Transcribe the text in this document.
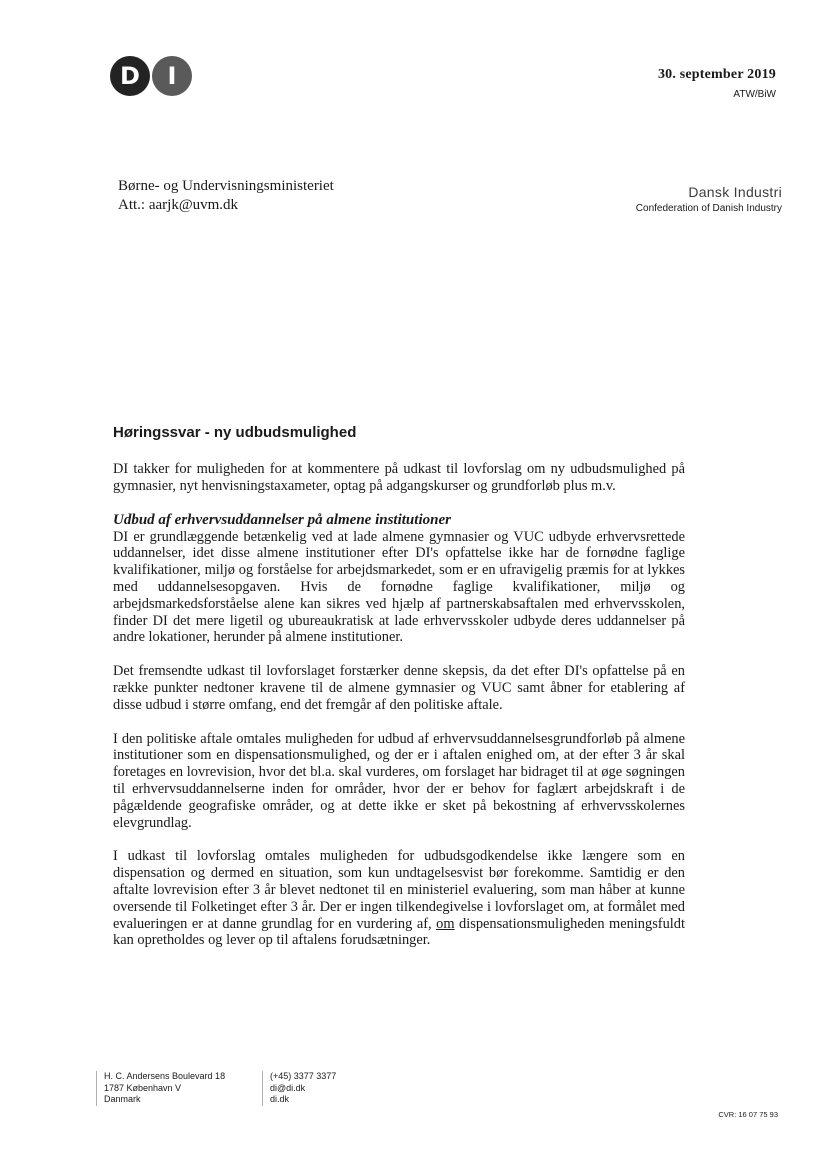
D	I	30. september 2019
ATW/BiW
Børne- og Undervisningsministeriet
Att.: aarjk@uvm.dk
Dansk Industri
Confederation of Danish Industry
Høringssvar - ny udbudsmulighed

DI takker for muligheden for at kommentere på udkast til lovforslag om ny udbudsmulighed på gymnasier, nyt henvisningstaxameter, optag på adgangskurser og grundforløb plus m.v.

Udbud af erhvervsuddannelser på almene institutioner

DI er grundlæggende betænkelig ved at lade almene gymnasier og VUC udbyde erhvervsrettede uddannelser, idet disse almene institutioner efter DI's opfattelse ikke har de fornødne faglige kvalifikationer, miljø og forståelse for arbejdsmarkedet, som er en ufravigelig præmis for at lykkes med uddannelsesopgaven. Hvis de fornødne faglige kvalifikationer, miljø og arbejdsmarkedsforståelse alene kan sikres ved hjælp af partnerskabsaftalen med erhvervsskolen, finder DI det mere ligetil og ubureaukratisk at lade erhvervsskoler udbyde deres uddannelser på andre lokationer, herunder på almene institutioner.

Det fremsendte udkast til lovforslaget forstærker denne skepsis, da det efter DI's opfattelse på en række punkter nedtoner kravene til de almene gymnasier og VUC samt åbner for etablering af disse udbud i større omfang, end det fremgår af den politiske aftale.

I den politiske aftale omtales muligheden for udbud af erhvervsuddannelsesgrundforløb på almene institutioner som en dispensationsmulighed, og der er i aftalen enighed om, at der efter 3 år skal foretages en lovrevision, hvor det bl.a. skal vurderes, om forslaget har bidraget til at øge søgningen til erhvervsuddannelserne inden for områder, hvor der er behov for faglært arbejdskraft i de pågældende geografiske områder, og at dette ikke er sket på bekostning af erhvervsskolernes elevgrundlag.

I udkast til lovforslag omtales muligheden for udbudsgodkendelse ikke længere som en dispensation og dermed en situation, som kun undtagelsesvist bør forekomme. Samtidig er den aftalte lovrevision efter 3 år blevet nedtonet til en ministeriel evaluering, som man håber at kunne oversende til Folketinget efter 3 år. Der er ingen tilkendegivelse i lovforslaget om, at formålet med evalueringen er at danne grundlag for en vurdering af, om dispensationsmuligheden meningsfuldt kan opretholdes og lever op til aftalens forudsætninger.

H. C. Andersens Boulevard 18
1787 København V
Danmark
(+45) 3377 3377
di@di.dk
di.dk
CVR: 16 07 75 93
